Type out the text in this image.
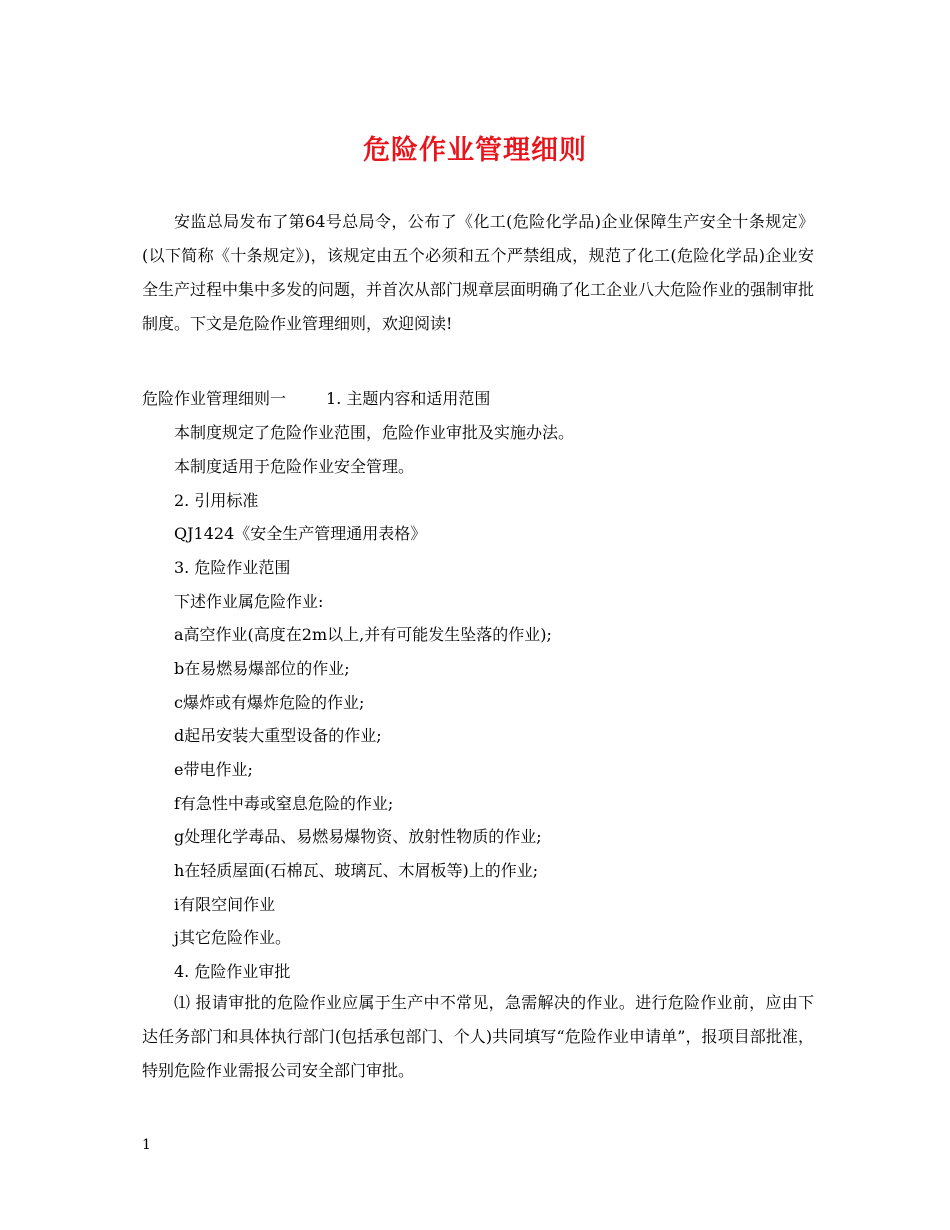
危险作业管理细则

安监总局发布了第64号总局令，公布了《化工(危险化学品)企业保障生产安全十条规定》(以下简称《十条规定》)，该规定由五个必须和五个严禁组成，规范了化工(危险化学品)企业安全生产过程中集中多发的问题，并首次从部门规章层面明确了化工企业八大危险作业的强制审批制度。下文是危险作业管理细则，欢迎阅读!

危险作业管理细则一	1. 主题内容和适用范围
本制度规定了危险作业范围，危险作业审批及实施办法。
本制度适用于危险作业安全管理。
2. 引用标准
QJ1424《安全生产管理通用表格》
3. 危险作业范围
下述作业属危险作业:
a高空作业(高度在2m以上,并有可能发生坠落的作业);
b在易燃易爆部位的作业;
c爆炸或有爆炸危险的作业;
d起吊安装大重型设备的作业;
e带电作业;
f有急性中毒或窒息危险的作业;
g处理化学毒品、易燃易爆物资、放射性物质的作业;
h在轻质屋面(石棉瓦、玻璃瓦、木屑板等)上的作业;
i有限空间作业
j其它危险作业。
4. 危险作业审批

⑴ 报请审批的危险作业应属于生产中不常见，急需解决的作业。进行危险作业前，应由下达任务部门和具体执行部门(包括承包部门、个人)共同填写“危险作业申请单”，报项目部批准，特别危险作业需报公司安全部门审批。

1
